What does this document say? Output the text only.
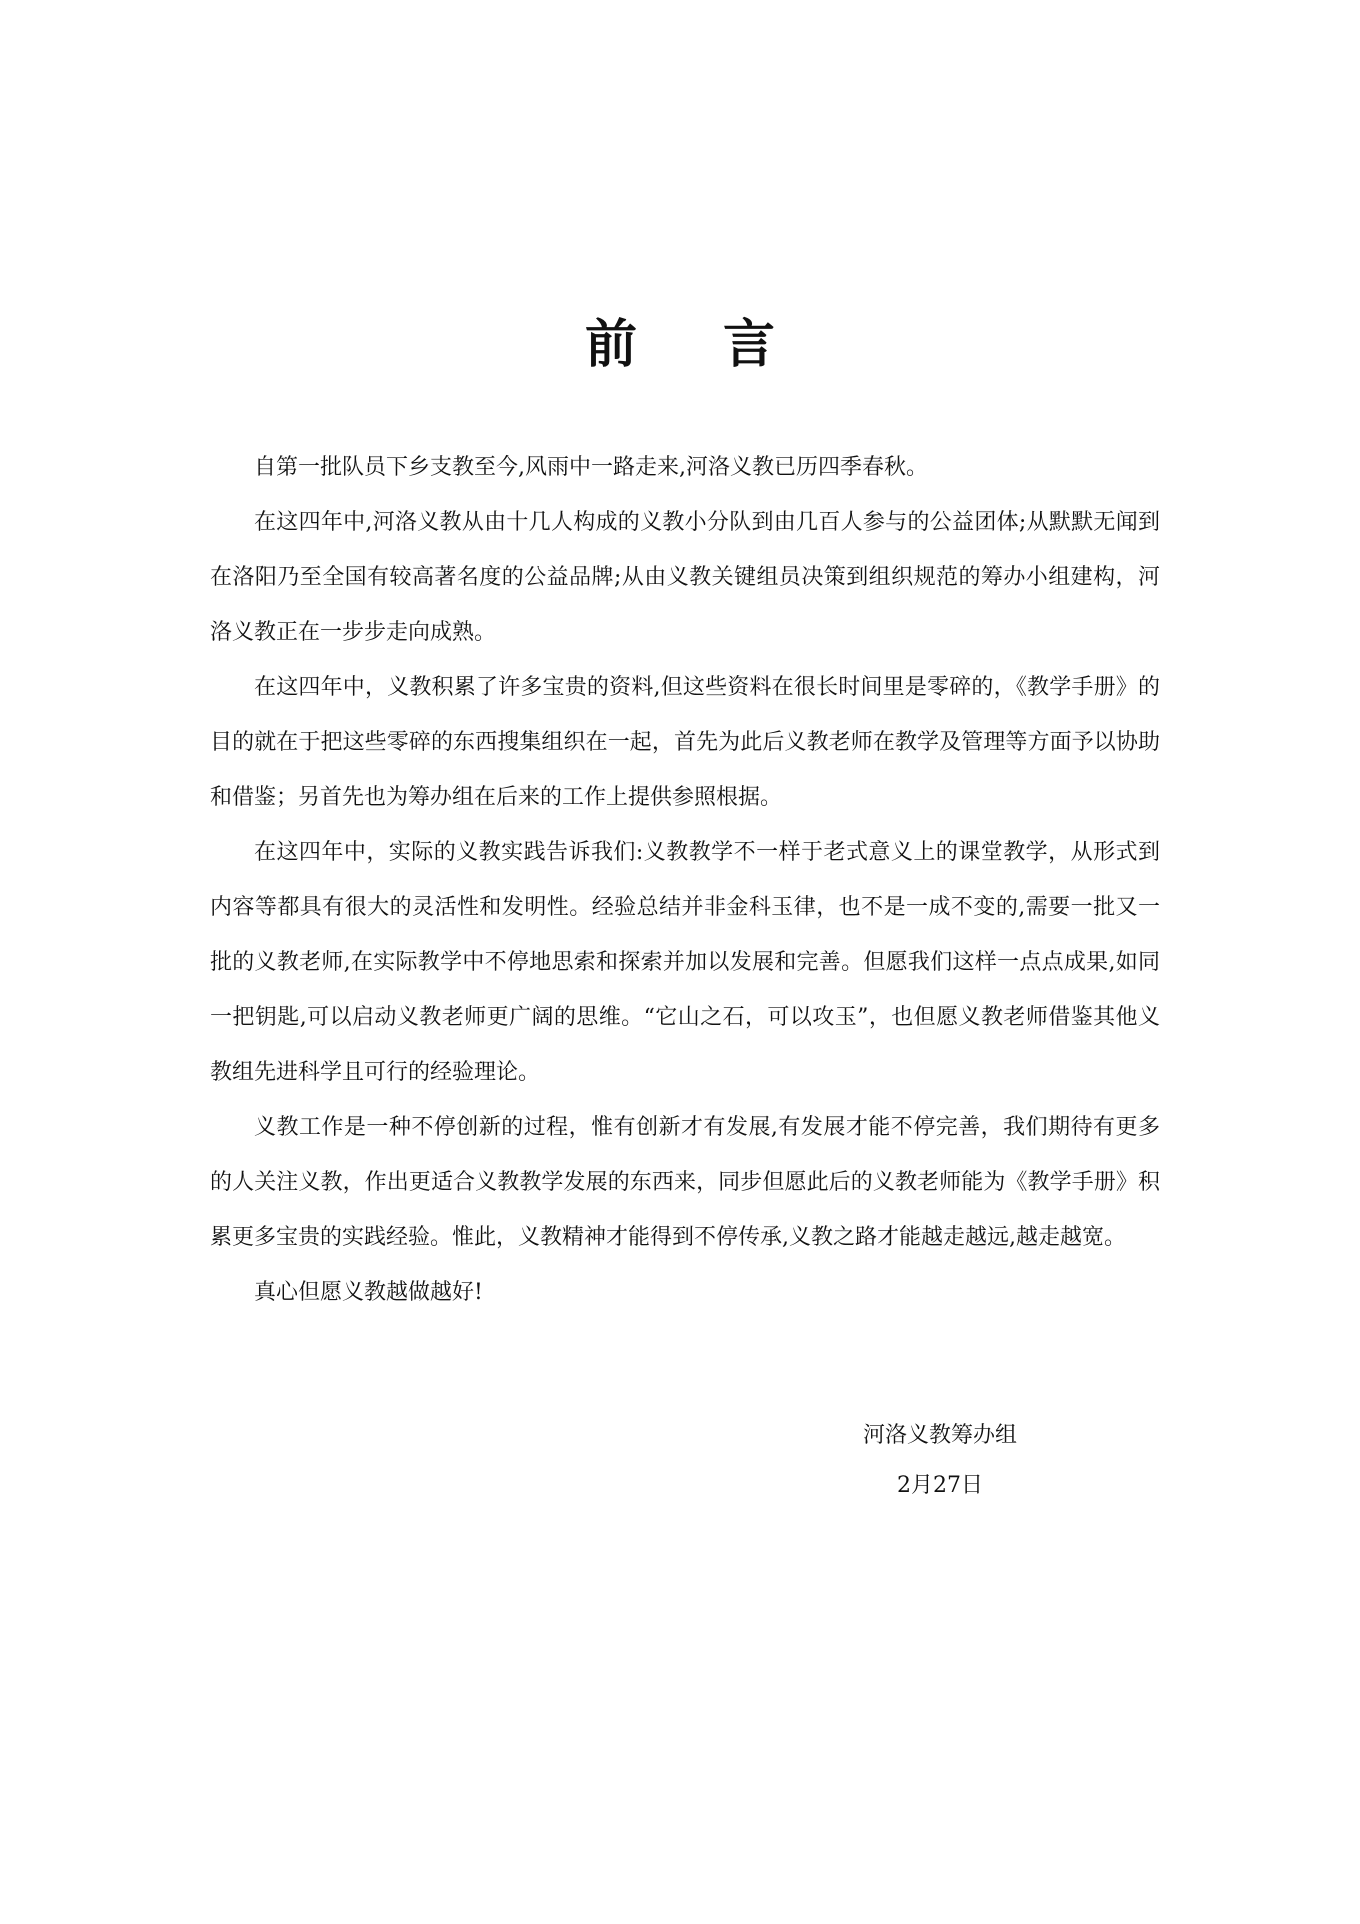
前 言

自第一批队员下乡支教至今,风雨中一路走来,河洛义教已历四季春秋。

在这四年中,河洛义教从由十几人构成的义教小分队到由几百人参与的公益团体;从默默无闻到在洛阳乃至全国有较高著名度的公益品牌;从由义教关键组员决策到组织规范的筹办小组建构，河洛义教正在一步步走向成熟。

在这四年中，义教积累了许多宝贵的资料,但这些资料在很长时间里是零碎的，《教学手册》的目的就在于把这些零碎的东西搜集组织在一起，首先为此后义教老师在教学及管理等方面予以协助和借鉴；另首先也为筹办组在后来的工作上提供参照根据。

在这四年中，实际的义教实践告诉我们:义教教学不一样于老式意义上的课堂教学，从形式到内容等都具有很大的灵活性和发明性。经验总结并非金科玉律，也不是一成不变的,需要一批又一批的义教老师,在实际教学中不停地思索和探索并加以发展和完善。但愿我们这样一点点成果,如同一把钥匙,可以启动义教老师更广阔的思维。“它山之石，可以攻玉”，也但愿义教老师借鉴其他义教组先进科学且可行的经验理论。

义教工作是一种不停创新的过程，惟有创新才有发展,有发展才能不停完善，我们期待有更多的人关注义教，作出更适合义教教学发展的东西来，同步但愿此后的义教老师能为《教学手册》积累更多宝贵的实践经验。惟此，义教精神才能得到不停传承,义教之路才能越走越远,越走越宽。

真心但愿义教越做越好!

河洛义教筹办组
2月27日
